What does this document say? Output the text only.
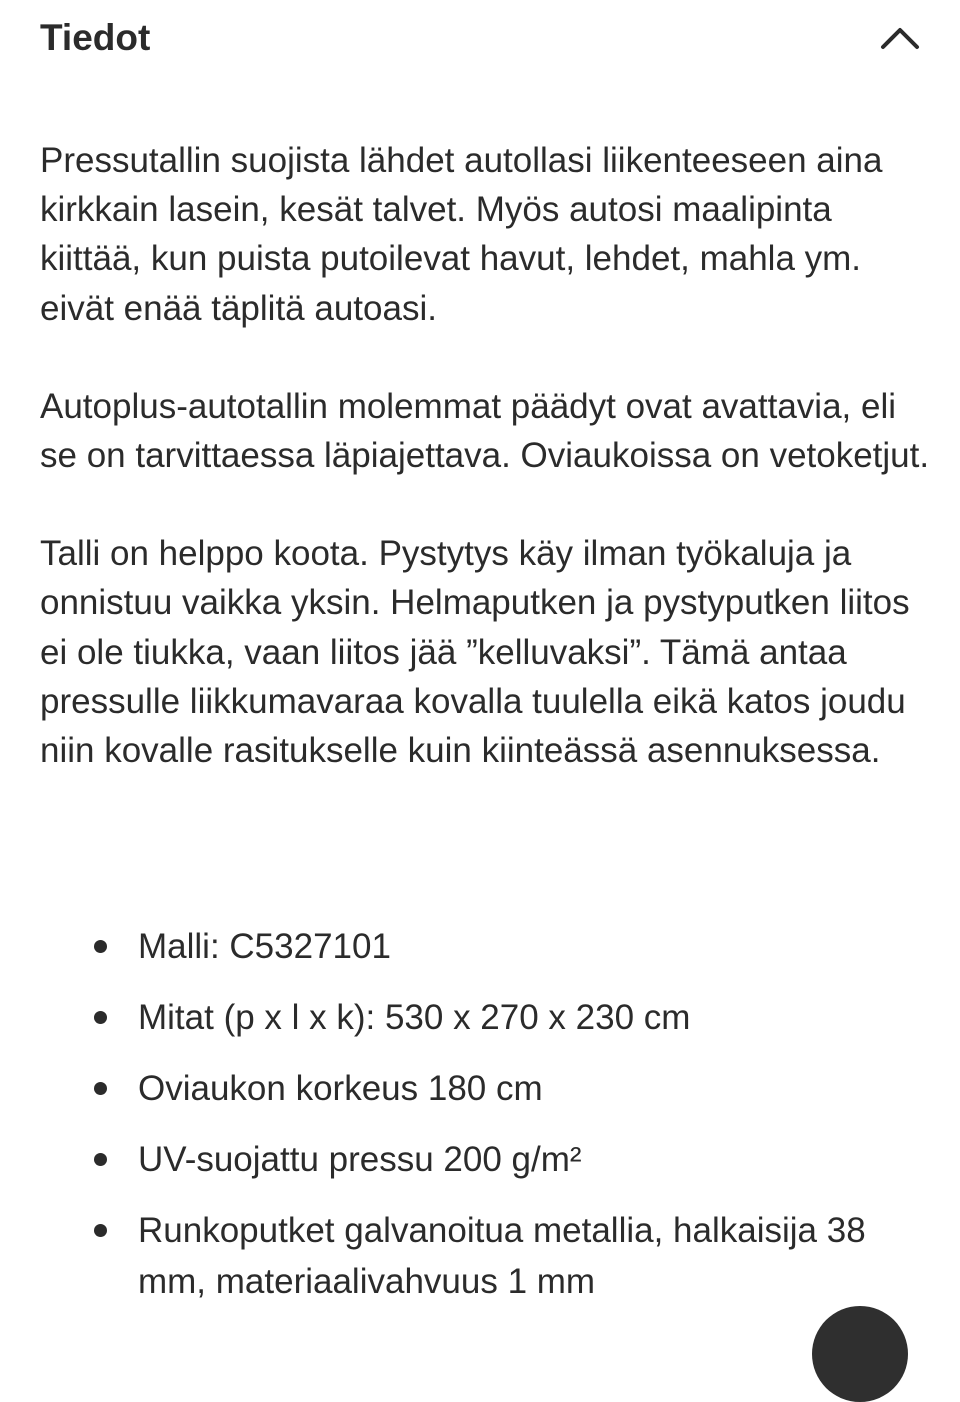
Tiedot

Pressutallin suojista lähdet autollasi liikenteeseen aina kirkkain lasein, kesät talvet. Myös autosi maalipinta kiittää, kun puista putoilevat havut, lehdet, mahla ym. eivät enää täplitä autoasi.

Autoplus-autotallin molemmat päädyt ovat avattavia, eli se on tarvittaessa läpiajettava. Oviaukoissa on vetoketjut.

Talli on helppo koota. Pystytys käy ilman työkaluja ja onnistuu vaikka yksin. Helmaputken ja pystyputken liitos ei ole tiukka, vaan liitos jää ”kelluvaksi”. Tämä antaa pressulle liikkumavaraa kovalla tuulella eikä katos joudu niin kovalle rasitukselle kuin kiinteässä asennuksessa.

Malli: C5327101
Mitat (p x l x k): 530 x 270 x 230 cm
Oviaukon korkeus 180 cm
UV-suojattu pressu 200 g/m²
Runkoputket galvanoitua metallia, halkaisija 38 mm, materiaalivahvuus 1 mm
